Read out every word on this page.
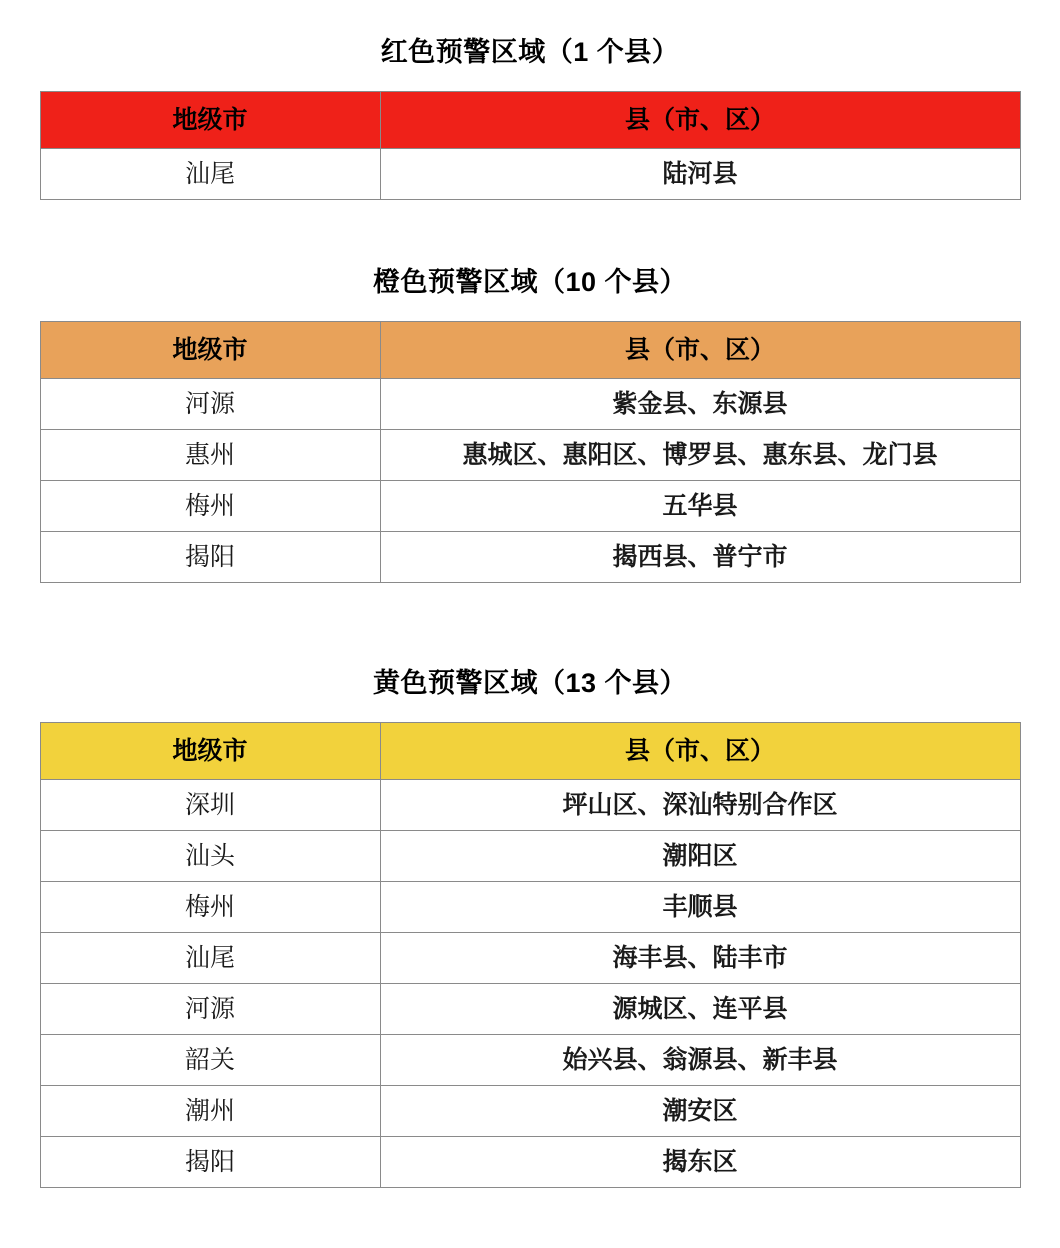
红色预警区域（1 个县）
地级市	县（市、区）
汕尾	陆河县
橙色预警区域（10 个县）
地级市	县（市、区）
河源	紫金县、东源县
惠州	惠城区、惠阳区、博罗县、惠东县、龙门县
梅州	五华县
揭阳	揭西县、普宁市
黄色预警区域（13 个县）
地级市	县（市、区）
深圳	坪山区、深汕特别合作区
汕头	潮阳区
梅州	丰顺县
汕尾	海丰县、陆丰市
河源	源城区、连平县
韶关	始兴县、翁源县、新丰县
潮州	潮安区
揭阳	揭东区
